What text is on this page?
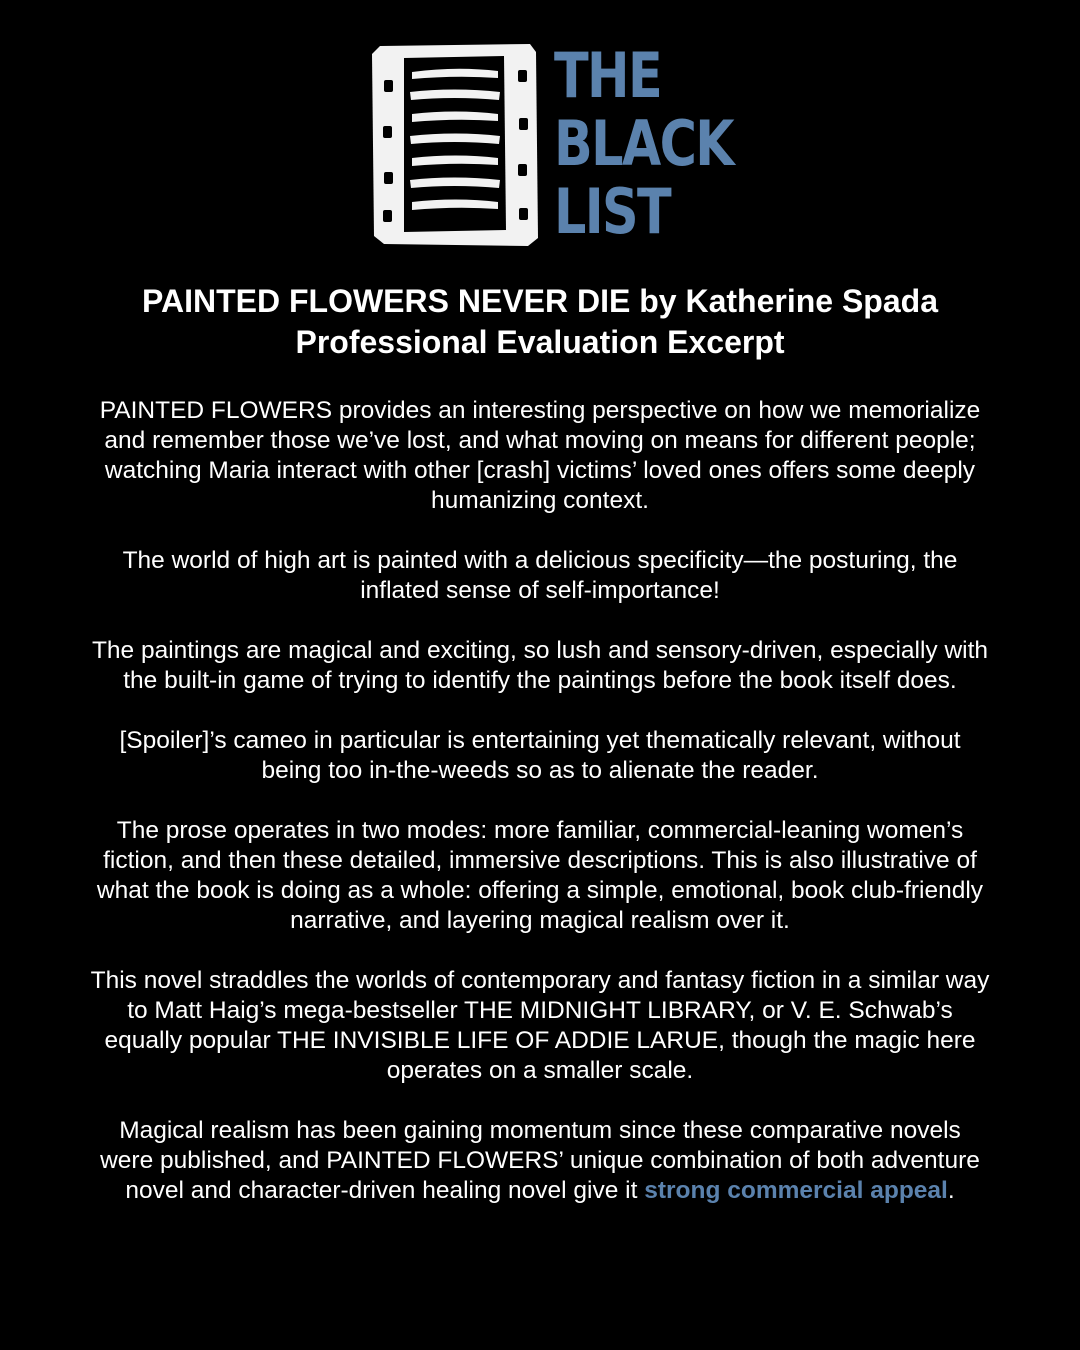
THE
BLACK
LIST
PAINTED FLOWERS NEVER DIE by Katherine Spada
Professional Evaluation Excerpt

PAINTED FLOWERS provides an interesting perspective on how we memorialize and remember those we’ve lost, and what moving on means for different people; watching Maria interact with other [crash] victims’ loved ones offers some deeply humanizing context.

The world of high art is painted with a delicious specificity—the posturing, the inflated sense of self-importance!

The paintings are magical and exciting, so lush and sensory-driven, especially with the built-in game of trying to identify the paintings before the book itself does.

[Spoiler]’s cameo in particular is entertaining yet thematically relevant, without being too in-the-weeds so as to alienate the reader.

The prose operates in two modes: more familiar, commercial-leaning women’s fiction, and then these detailed, immersive descriptions. This is also illustrative of what the book is doing as a whole: offering a simple, emotional, book club-friendly narrative, and layering magical realism over it.

This novel straddles the worlds of contemporary and fantasy fiction in a similar way to Matt Haig’s mega-bestseller THE MIDNIGHT LIBRARY, or V. E. Schwab’s equally popular THE INVISIBLE LIFE OF ADDIE LARUE, though the magic here operates on a smaller scale.

Magical realism has been gaining momentum since these comparative novels were published, and PAINTED FLOWERS’ unique combination of both adventure novel and character-driven healing novel give it strong commercial appeal.
